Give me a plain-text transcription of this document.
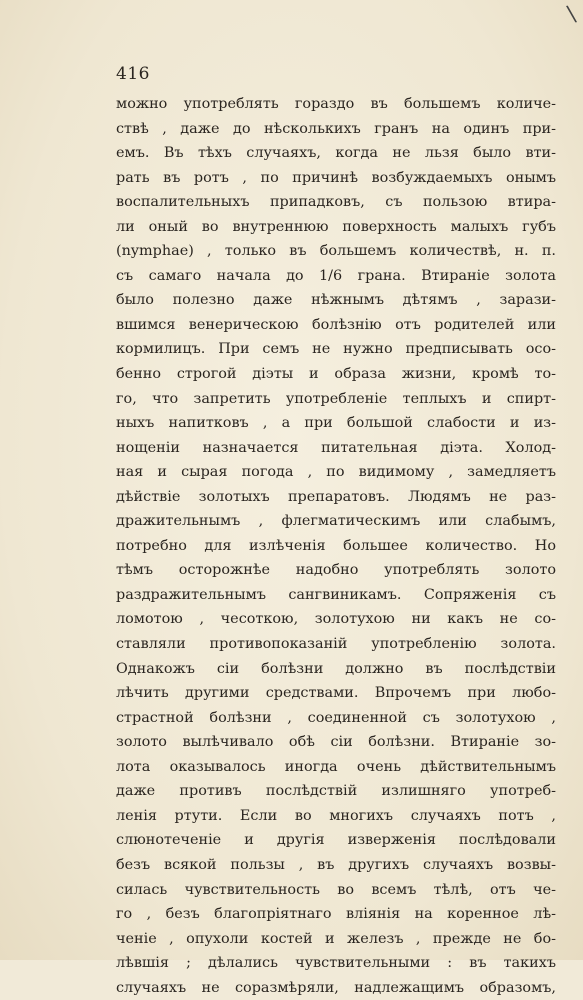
\
416
можно употреблять гораздо въ большемъ количе-
ствѣ , даже до нѣсколькихъ гранъ на одинъ при-
емъ. Въ тѣхъ случаяхъ, когда не льзя было вти-
рать въ ротъ , по причинѣ возбуждаемыхъ онымъ
воспалительныхъ припадковъ, съ пользою втира-
ли оный во внутреннюю поверхность малыхъ губъ
(nymphae) , только въ большемъ количествѣ, н. п.
съ самаго начала до 1/6 грана. Втираніе золота
было полезно даже нѣжнымъ дѣтямъ , зарази-
вшимся венерическою болѣзнію отъ родителей или
кормилицъ. При семъ не нужно предписывать осо-
бенно строгой діэты и образа жизни, кромѣ то-
го, что запретить употребленіе теплыхъ и спирт-
ныхъ напитковъ , а при большой слабости и из-
нощеніи назначается питательная діэта. Холод-
ная и сырая погода , по видимому , замедляетъ
дѣйствіе золотыхъ препаратовъ. Людямъ не раз-
дражительнымъ , флегматическимъ или слабымъ,
потребно для излѣченія большее количество. Но
тѣмъ осторожнѣе надобно употреблять золото
раздражительнымъ сангвиникамъ. Сопряженія съ
ломотою , чесоткою, золотухою ни какъ не со-
ставляли противопоказаній употребленію золота.
Однакожъ сіи болѣзни должно въ послѣдствіи
лѣчить другими средствами. Впрочемъ при любо-
страстной болѣзни , соединенной съ золотухою ,
золото вылѣчивало обѣ сіи болѣзни. Втираніе зо-
лота оказывалось иногда очень дѣйствительнымъ
даже противъ послѣдствій излишняго употреб-
ленія ртути. Если во многихъ случаяхъ потъ ,
слюнотеченіе и другія изверженія послѣдовали
безъ всякой пользы , въ другихъ случаяхъ возвы-
силась чувствительность во всемъ тѣлѣ, отъ че-
го , безъ благопріятнаго вліянія на коренное лѣ-
ченіе , опухоли костей и железъ , прежде не бо-
лѣвшія ; дѣлались чувствительными : въ такихъ
случаяхъ не соразмѣряли, надлежащимъ образомъ,
